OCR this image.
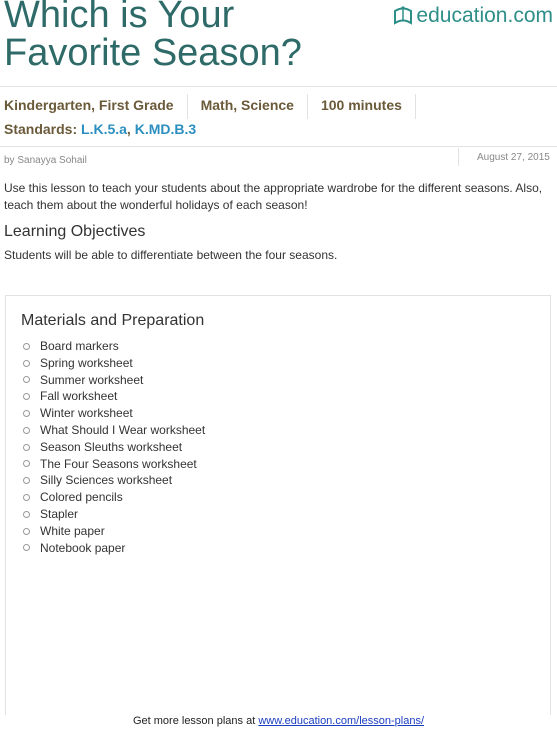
Which is Your Favorite Season?
education.com
Kindergarten, First Grade	Math, Science	100 minutes
Standards: L.K.5.a, K.MD.B.3
by Sanayya Sohail	August 27, 2015

Use this lesson to teach your students about the appropriate wardrobe for the different seasons. Also, teach them about the wonderful holidays of each season!

Learning Objectives

Students will be able to differentiate between the four seasons.

Materials and Preparation
Board markers
Spring worksheet
Summer worksheet
Fall worksheet
Winter worksheet
What Should I Wear worksheet
Season Sleuths worksheet
The Four Seasons worksheet
Silly Sciences worksheet
Colored pencils
Stapler
White paper
Notebook paper
Get more lesson plans at www.education.com/lesson-plans/
